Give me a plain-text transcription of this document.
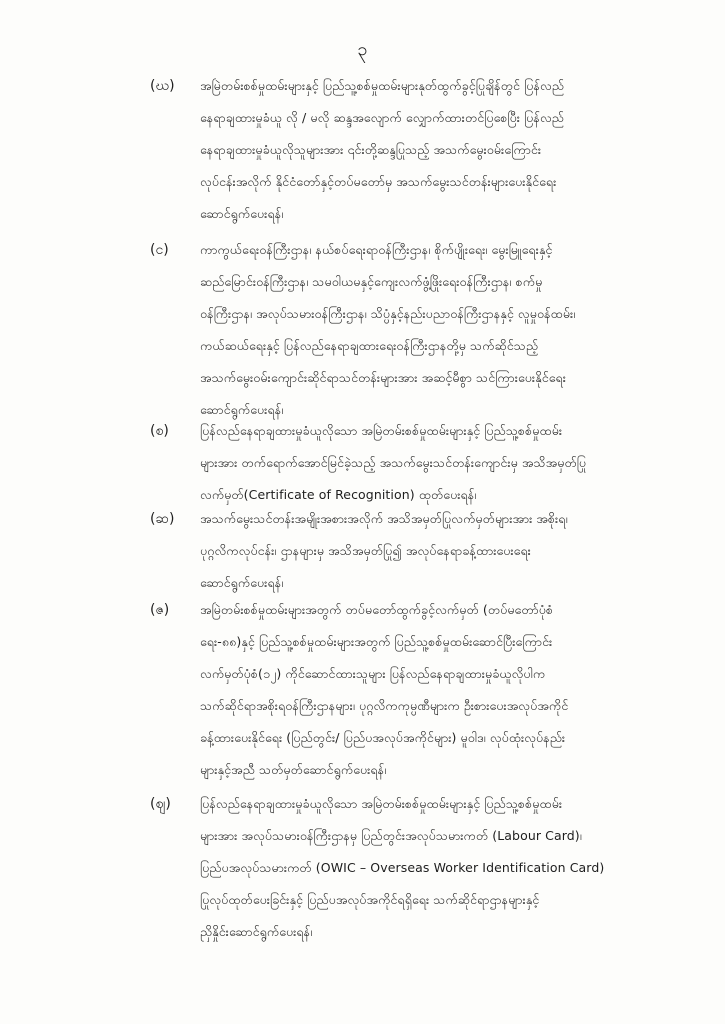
၃
(ဃ)	အမြဲတမ်းစစ်မှုထမ်းများနှင့် ပြည်သူ့စစ်မှုထမ်းများနုတ်ထွက်ခွင့်ပြုချိန်တွင် ပြန်လည်
နေရာချထားမှုခံယူ လို / မလို ဆန္ဒအလျောက် လျှောက်ထားတင်ပြစေပြီး ပြန်လည်
နေရာချထားမှုခံယူလိုသူများအား ၎င်းတို့ဆန္ဒပြုသည့် အသက်မွေးဝမ်းကြောင်း
လုပ်ငန်းအလိုက် နိုင်ငံတော်နှင့်တပ်မတော်မှ အသက်မွေးသင်တန်းများပေးနိုင်ရေး
ဆောင်ရွက်ပေးရန်၊
(င)	ကာကွယ်ရေးဝန်ကြီးဌာန၊ နယ်စပ်ရေးရာဝန်ကြီးဌာန၊ စိုက်ပျိုးရေး၊ မွေးမြူရေးနှင့်
ဆည်မြောင်းဝန်ကြီးဌာန၊ သမဝါယမနှင့်ကျေးလက်ဖွံ့ဖြိုးရေးဝန်ကြီးဌာန၊ စက်မှု
ဝန်ကြီးဌာန၊ အလုပ်သမားဝန်ကြီးဌာန၊ သိပ္ပံနှင့်နည်းပညာဝန်ကြီးဌာနနှင့် လူမှုဝန်ထမ်း၊
ကယ်ဆယ်ရေးနှင့် ပြန်လည်နေရာချထားရေးဝန်ကြီးဌာနတို့မှ သက်ဆိုင်သည့်
အသက်မွေးဝမ်းကျောင်းဆိုင်ရာသင်တန်းများအား အဆင့်မီစွာ သင်ကြားပေးနိုင်ရေး
ဆောင်ရွက်ပေးရန်၊
(စ)	ပြန်လည်နေရာချထားမှုခံယူလိုသော အမြဲတမ်းစစ်မှုထမ်းများနှင့် ပြည်သူ့စစ်မှုထမ်း
များအား တက်ရောက်အောင်မြင်ခဲ့သည့် အသက်မွေးသင်တန်းကျောင်းမှ အသိအမှတ်ပြု
လက်မှတ်(Certificate of Recognition) ထုတ်ပေးရန်၊
(ဆ)	အသက်မွေးသင်တန်းအမျိုးအစားအလိုက် အသိအမှတ်ပြုလက်မှတ်များအား အစိုးရ၊
ပုဂ္ဂလိကလုပ်ငန်း၊ ဌာနများမှ အသိအမှတ်ပြု၍ အလုပ်နေရာခန့်ထားပေးရေး
ဆောင်ရွက်ပေးရန်၊
(ဇ)	အမြဲတမ်းစစ်မှုထမ်းများအတွက် တပ်မတော်ထွက်ခွင့်လက်မှတ် (တပ်မတော်ပုံစံ
ရေး-၈၈)နှင့် ပြည်သူ့စစ်မှုထမ်းများအတွက် ပြည်သူ့စစ်မှုထမ်းဆောင်ပြီးကြောင်း
လက်မှတ်ပုံစံ(၁၂) ကိုင်ဆောင်ထားသူများ ပြန်လည်နေရာချထားမှုခံယူလိုပါက
သက်ဆိုင်ရာအစိုးရဝန်ကြီးဌာနများ၊ ပုဂ္ဂလိကကုမ္ပဏီများက ဦးစားပေးအလုပ်အကိုင်
ခန့်ထားပေးနိုင်ရေး (ပြည်တွင်း/ ပြည်ပအလုပ်အကိုင်များ) မူဝါဒ၊ လုပ်ထုံးလုပ်နည်း
များနှင့်အညီ သတ်မှတ်ဆောင်ရွက်ပေးရန်၊
(ဈ)	ပြန်လည်နေရာချထားမှုခံယူလိုသော အမြဲတမ်းစစ်မှုထမ်းများနှင့် ပြည်သူ့စစ်မှုထမ်း
များအား အလုပ်သမားဝန်ကြီးဌာနမှ ပြည်တွင်းအလုပ်သမားကတ် (Labour Card)၊
ပြည်ပအလုပ်သမားကတ် (OWIC – Overseas Worker Identification Card)
ပြုလုပ်ထုတ်ပေးခြင်းနှင့် ပြည်ပအလုပ်အကိုင်ရရှိရေး သက်ဆိုင်ရာဌာနများနှင့်
ညှိနှိုင်းဆောင်ရွက်ပေးရန်၊
